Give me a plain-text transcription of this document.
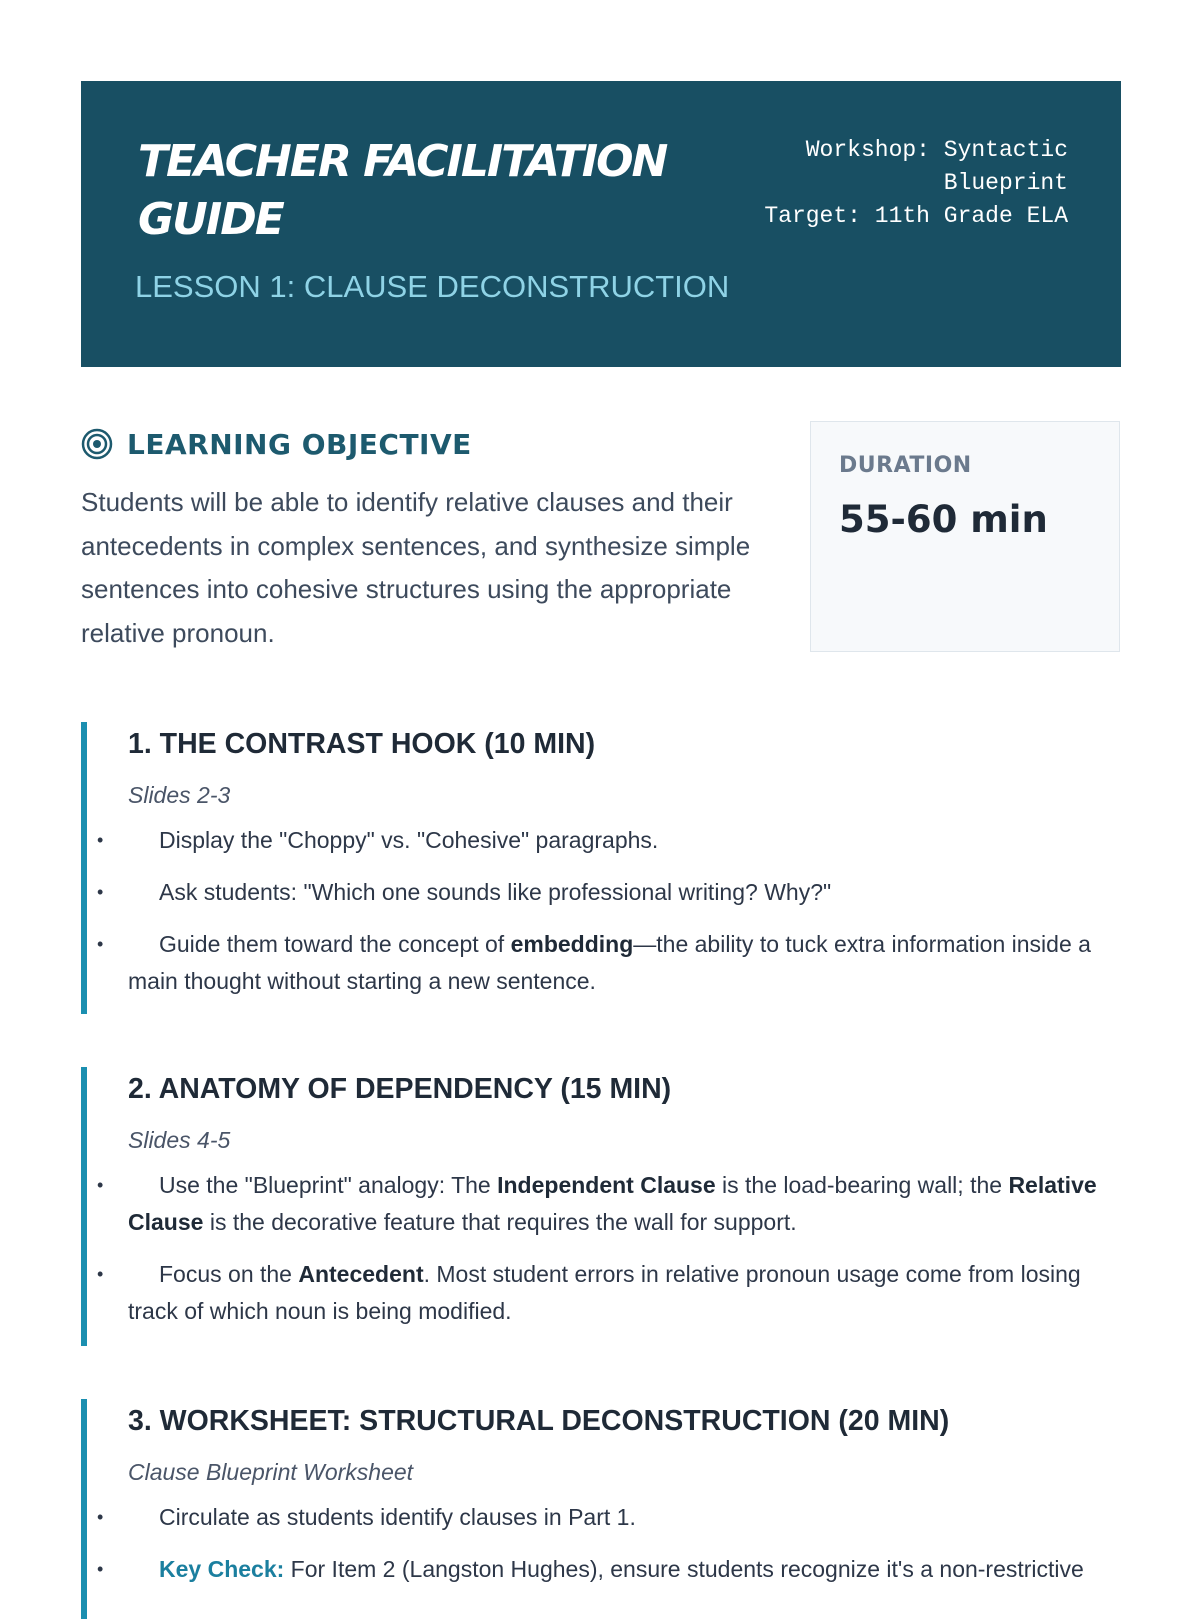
TEACHER FACILITATION GUIDE
LESSON 1: CLAUSE DECONSTRUCTION
Workshop: Syntactic Blueprint
Target: 11th Grade ELA
LEARNING OBJECTIVE
Students will be able to identify relative clauses and their antecedents in complex sentences, and synthesize simple sentences into cohesive structures using the appropriate relative pronoun.
DURATION
55-60 min
1. THE CONTRAST HOOK (10 MIN)
Slides 2-3
• Display the "Choppy" vs. "Cohesive" paragraphs.
• Ask students: "Which one sounds like professional writing? Why?"
• Guide them toward the concept of embedding—the ability to tuck extra information inside a main thought without starting a new sentence.
2. ANATOMY OF DEPENDENCY (15 MIN)
Slides 4-5
• Use the "Blueprint" analogy: The Independent Clause is the load-bearing wall; the Relative Clause is the decorative feature that requires the wall for support.
• Focus on the Antecedent. Most student errors in relative pronoun usage come from losing track of which noun is being modified.
3. WORKSHEET: STRUCTURAL DECONSTRUCTION (20 MIN)
Clause Blueprint Worksheet
• Circulate as students identify clauses in Part 1.
• Key Check: For Item 2 (Langston Hughes), ensure students recognize it's a non-restrictive
